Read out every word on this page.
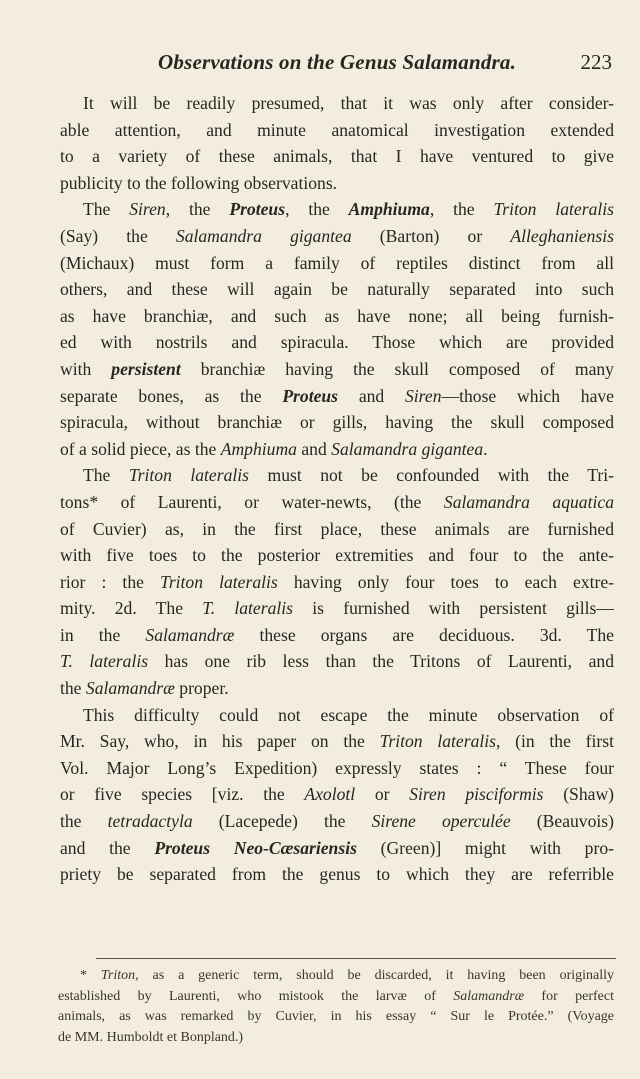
Observations on the Genus Salamandra.	223

It will be readily presumed, that it was only after consider-

able attention, and minute anatomical investigation extended

to a variety of these animals, that I have ventured to give

publicity to the following observations.

The Siren, the Proteus, the Amphiuma, the Triton lateralis

(Say) the Salamandra gigantea (Barton) or Alleghaniensis

(Michaux) must form a family of reptiles distinct from all

others, and these will again be naturally separated into such

as have branchiæ, and such as have none; all being furnish-

ed with nostrils and spiracula. Those which are provided

with persistent branchiæ having the skull composed of many

separate bones, as the Proteus and Siren—those which have

spiracula, without branchiæ or gills, having the skull composed

of a solid piece, as the Amphiuma and Salamandra gigantea.

The Triton lateralis must not be confounded with the Tri-

tons* of Laurenti, or water-newts, (the Salamandra aquatica

of Cuvier) as, in the first place, these animals are furnished

with five toes to the posterior extremities and four to the ante-

rior : the Triton lateralis having only four toes to each extre-

mity. 2d. The T. lateralis is furnished with persistent gills—

in the Salamandræ these organs are deciduous. 3d. The

T. lateralis has one rib less than the Tritons of Laurenti, and

the Salamandræ proper.

This difficulty could not escape the minute observation of

Mr. Say, who, in his paper on the Triton lateralis, (in the first

Vol. Major Long’s Expedition) expressly states : “ These four

or five species [viz. the Axolotl or Siren pisciformis (Shaw)

the tetradactyla (Lacepede) the Sirene operculée (Beauvois)

and the Proteus Neo-Cæsariensis (Green)] might with pro-

priety be separated from the genus to which they are referrible

* Triton, as a generic term, should be discarded, it having been originally

established by Laurenti, who mistook the larvæ of Salamandræ for perfect

animals, as was remarked by Cuvier, in his essay “ Sur le Protée.” (Voyage

de MM. Humboldt et Bonpland.)
